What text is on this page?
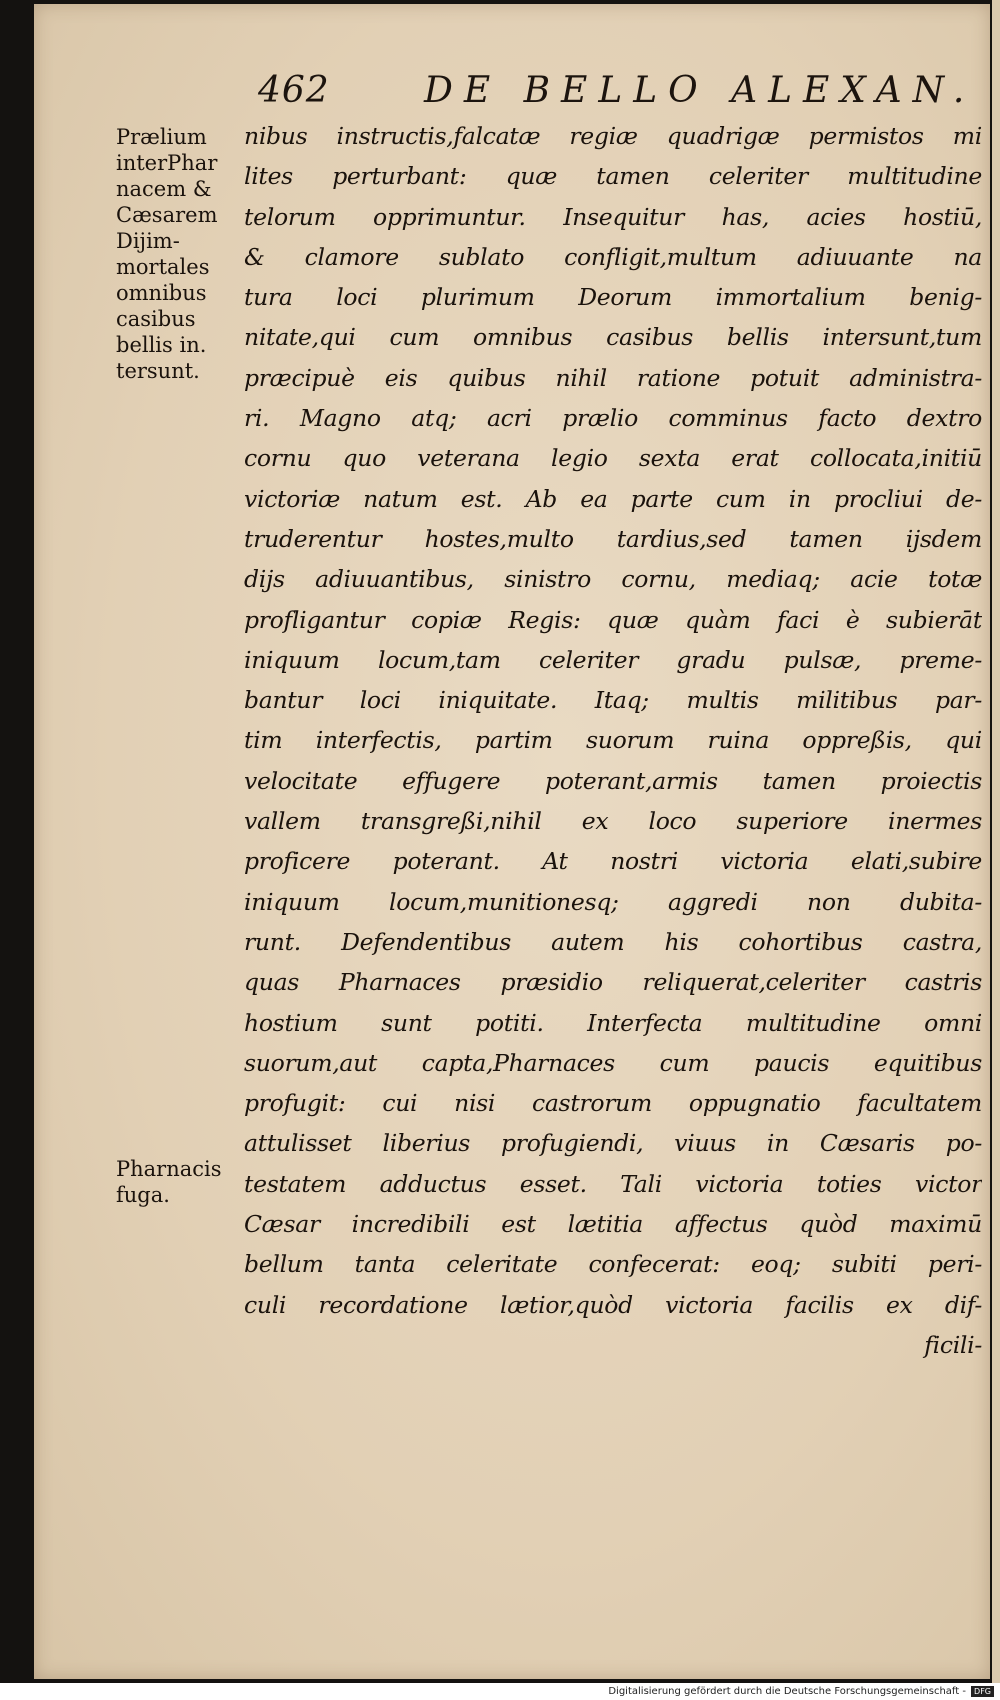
462	DE BELLO ALEXAN.
Prælium
interPhar
nacem &
Cæsarem
Dijim-
mortales
omnibus
casibus
bellis in.
tersunt.
Pharnacis
fuga.
nibus instructis,falcatæ regiæ quadrigæ permistos mi
lites perturbant: quæ tamen celeriter multitudine
telorum opprimuntur. Insequitur has, acies hostiū,
& clamore sublato confligit,multum adiuuante na
tura loci plurimum Deorum immortalium benig-
nitate,qui cum omnibus casibus bellis intersunt,tum
præcipuè eis quibus nihil ratione potuit administra-
ri. Magno atq; acri prælio comminus facto dextro
cornu quo veterana legio sexta erat collocata,initiū
victoriæ natum est. Ab ea parte cum in procliui de-
truderentur hostes,multo tardius,sed tamen ijsdem
dijs adiuuantibus, sinistro cornu, mediaq; acie totæ
profligantur copiæ Regis: quæ quàm faci è subierāt
iniquum locum,tam celeriter gradu pulsæ, preme-
bantur loci iniquitate. Itaq; multis militibus par-
tim interfectis, partim suorum ruina oppreßis, qui
velocitate effugere poterant,armis tamen proiectis
vallem transgreßi,nihil ex loco superiore inermes
proficere poterant. At nostri victoria elati,subire
iniquum locum,munitionesq; aggredi non dubita-
runt. Defendentibus autem his cohortibus castra,
quas Pharnaces præsidio reliquerat,celeriter castris
hostium sunt potiti. Interfecta multitudine omni
suorum,aut capta,Pharnaces cum paucis equitibus
profugit: cui nisi castrorum oppugnatio facultatem
attulisset liberius profugiendi, viuus in Cæsaris po-
testatem adductus esset. Tali victoria toties victor
Cæsar incredibili est lætitia affectus quòd maximū
bellum tanta celeritate confecerat: eoq; subiti peri-
culi recordatione lætior,quòd victoria facilis ex dif-
ficili-
Digitalisierung gefördert durch die Deutsche Forschungsgemeinschaft -	DFG
